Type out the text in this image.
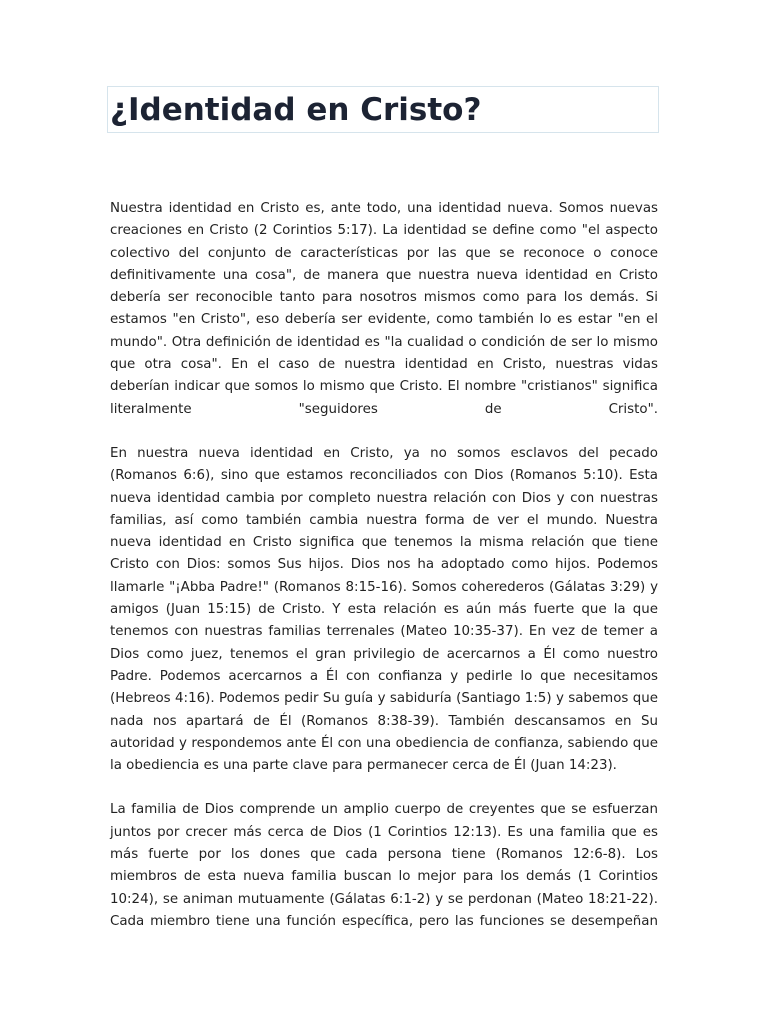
¿Identidad en Cristo?

Nuestra identidad en Cristo es, ante todo, una identidad nueva. Somos nuevas creaciones en Cristo (2 Corintios 5:17). La identidad se define como "el aspecto colectivo del conjunto de características por las que se reconoce o conoce definitivamente una cosa", de manera que nuestra nueva identidad en Cristo debería ser reconocible tanto para nosotros mismos como para los demás. Si estamos "en Cristo", eso debería ser evidente, como también lo es estar "en el mundo". Otra definición de identidad es "la cualidad o condición de ser lo mismo que otra cosa". En el caso de nuestra identidad en Cristo, nuestras vidas deberían indicar que somos lo mismo que Cristo. El nombre "cristianos" significa literalmente "seguidores de Cristo".

En nuestra nueva identidad en Cristo, ya no somos esclavos del pecado (Romanos 6:6), sino que estamos reconciliados con Dios (Romanos 5:10). Esta nueva identidad cambia por completo nuestra relación con Dios y con nuestras familias, así como también cambia nuestra forma de ver el mundo. Nuestra nueva identidad en Cristo significa que tenemos la misma relación que tiene Cristo con Dios: somos Sus hijos. Dios nos ha adoptado como hijos. Podemos llamarle "¡Abba Padre!" (Romanos 8:15-16). Somos coherederos (Gálatas 3:29) y amigos (Juan 15:15) de Cristo. Y esta relación es aún más fuerte que la que tenemos con nuestras familias terrenales (Mateo 10:35-37). En vez de temer a Dios como juez, tenemos el gran privilegio de acercarnos a Él como nuestro Padre. Podemos acercarnos a Él con confianza y pedirle lo que necesitamos (Hebreos 4:16). Podemos pedir Su guía y sabiduría (Santiago 1:5) y sabemos que nada nos apartará de Él (Romanos 8:38-39). También descansamos en Su autoridad y respondemos ante Él con una obediencia de confianza, sabiendo que la obediencia es una parte clave para permanecer cerca de Él (Juan 14:23).

La familia de Dios comprende un amplio cuerpo de creyentes que se esfuerzan juntos por crecer más cerca de Dios (1 Corintios 12:13). Es una familia que es más fuerte por los dones que cada persona tiene (Romanos 12:6-8). Los miembros de esta nueva familia buscan lo mejor para los demás (1 Corintios 10:24), se animan mutuamente (Gálatas 6:1-2) y se perdonan (Mateo 18:21-22). Cada miembro tiene una función específica, pero las funciones se desempeñan
